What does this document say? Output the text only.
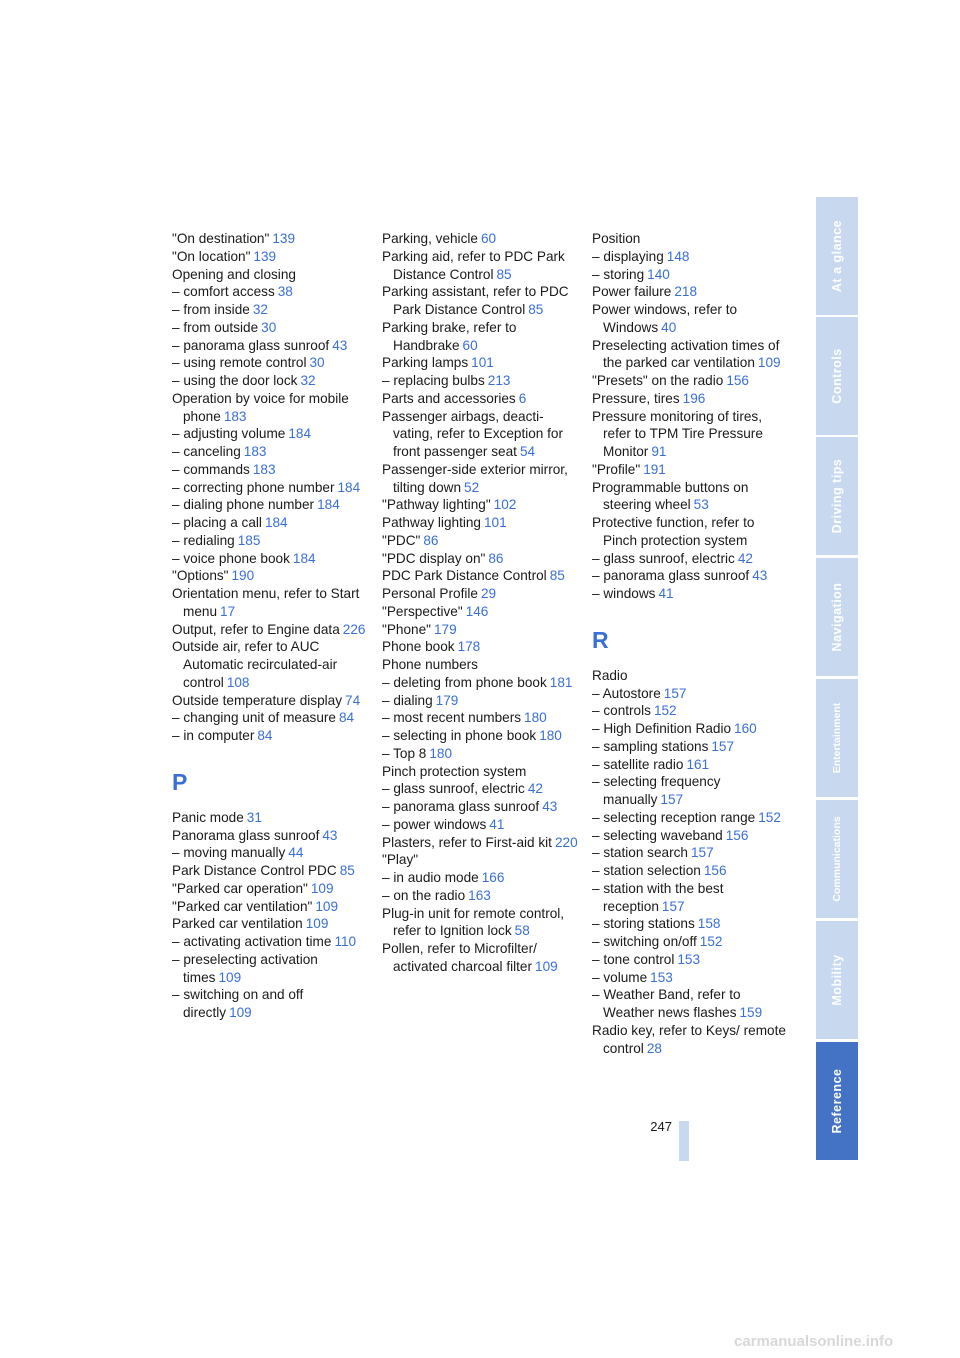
"On destination" 139
"On location" 139
Opening and closing
– comfort access 38
– from inside 32
– from outside 30
– panorama glass sunroof 43
– using remote control 30
– using the door lock 32
Operation by voice for mobile phone 183
– adjusting volume 184
– canceling 183
– commands 183
– correcting phone number 184
– dialing phone number 184
– placing a call 184
– redialing 185
– voice phone book 184
"Options" 190
Orientation menu, refer to Start menu 17
Output, refer to Engine data 226
Outside air, refer to AUC Automatic recirculated-air control 108
Outside temperature display 74
– changing unit of measure 84
– in computer 84
P
Panic mode 31
Panorama glass sunroof 43
– moving manually 44
Park Distance Control PDC 85
"Parked car operation" 109
"Parked car ventilation" 109
Parked car ventilation 109
– activating activation time 110
– preselecting activation times 109
– switching on and off directly 109
Parking, vehicle 60
Parking aid, refer to PDC Park Distance Control 85
Parking assistant, refer to PDC Park Distance Control 85
Parking brake, refer to Handbrake 60
Parking lamps 101
– replacing bulbs 213
Parts and accessories 6
Passenger airbags, deacti-vating, refer to Exception for front passenger seat 54
Passenger-side exterior mirror, tilting down 52
"Pathway lighting" 102
Pathway lighting 101
"PDC" 86
"PDC display on" 86
PDC Park Distance Control 85
Personal Profile 29
"Perspective" 146
"Phone" 179
Phone book 178
Phone numbers
– deleting from phone book 181
– dialing 179
– most recent numbers 180
– selecting in phone book 180
– Top 8 180
Pinch protection system
– glass sunroof, electric 42
– panorama glass sunroof 43
– power windows 41
Plasters, refer to First-aid kit 220
"Play"
– in audio mode 166
– on the radio 163
Plug-in unit for remote control, refer to Ignition lock 58
Pollen, refer to Microfilter/ activated charcoal filter 109
Position
– displaying 148
– storing 140
Power failure 218
Power windows, refer to Windows 40
Preselecting activation times of the parked car ventilation 109
"Presets" on the radio 156
Pressure, tires 196
Pressure monitoring of tires, refer to TPM Tire Pressure Monitor 91
"Profile" 191
Programmable buttons on steering wheel 53
Protective function, refer to Pinch protection system
– glass sunroof, electric 42
– panorama glass sunroof 43
– windows 41
R
Radio
– Autostore 157
– controls 152
– High Definition Radio 160
– sampling stations 157
– satellite radio 161
– selecting frequency manually 157
– selecting reception range 152
– selecting waveband 156
– station search 157
– station selection 156
– station with the best reception 157
– storing stations 158
– switching on/off 152
– tone control 153
– volume 153
– Weather Band, refer to Weather news flashes 159
Radio key, refer to Keys/ remote control 28
At a glance
Controls
Driving tips
Navigation
Entertainment
Communications
Mobility
Reference
247
carmanualsonline.info
